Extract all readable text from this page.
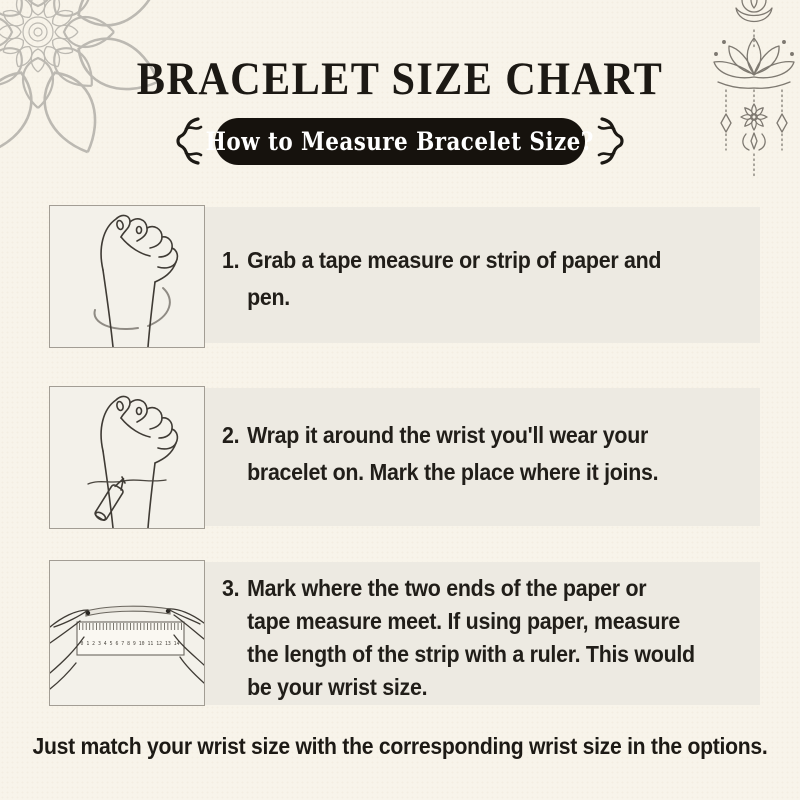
BRACELET SIZE CHART
How to Measure Bracelet Size?
1. Grab a tape measure or strip of paper and
pen.
2. Wrap it around the wrist you'll wear your
bracelet on. Mark the place where it joins.
0 1 2 3 4 5 6 7 8 9 10 11 12 13 14
3. Mark where the two ends of the paper or
tape measure meet. If using paper, measure
the length of the strip with a ruler. This would
be your wrist size.
Just match your wrist size with the corresponding wrist size in the options.
